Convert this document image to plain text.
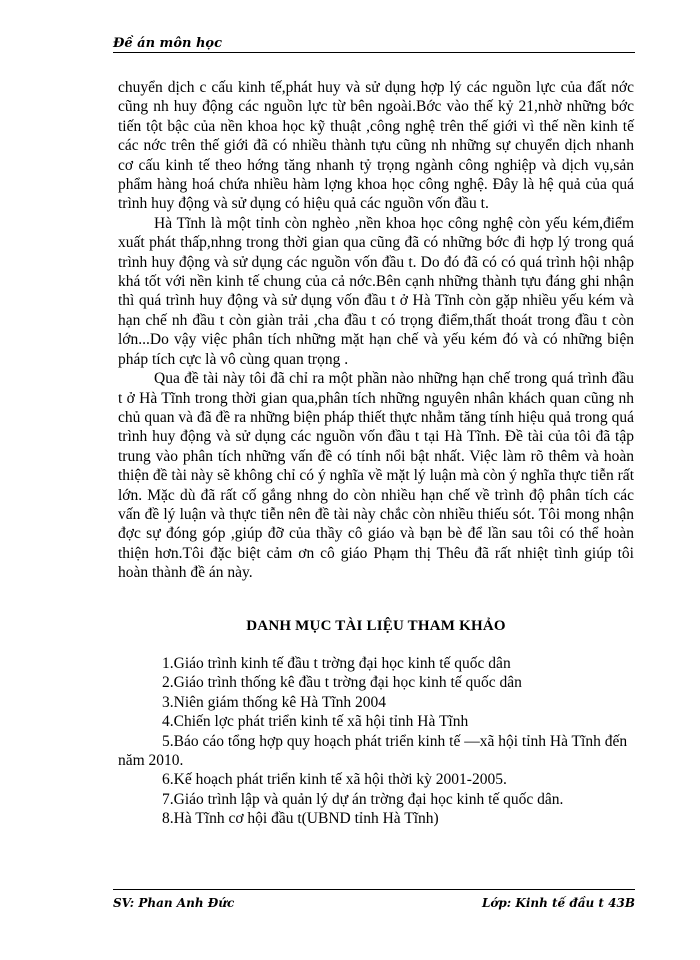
Đề án môn học

chuyển dịch c cấu kinh tế,phát huy và sử dụng hợp lý các nguồn lực của đất nớc cũng nh huy động các nguồn lực từ bên ngoài.Bớc vào thế kỷ 21,nhờ những bớc tiến tột bậc của nền khoa học kỹ thuật ,công nghệ trên thế giới vì thế nền kinh tế các nớc trên thế giới đã có nhiều thành tựu cũng nh những sự chuyển dịch nhanh cơ cấu kinh tế theo hớng tăng nhanh tỷ trọng ngành công nghiệp và dịch vụ,sản phẩm hàng hoá chứa nhiều hàm lợng khoa học công nghệ. Đây là hệ quả của quá trình huy động và sử dụng có hiệu quả các nguồn vốn đầu t.

Hà Tĩnh là một tỉnh còn nghèo ,nền khoa học công nghệ còn yếu kém,điểm xuất phát thấp,nhng trong thời gian qua cũng đã có những bớc đi hợp lý trong quá trình huy động và sử dụng các nguồn vốn đầu t. Do đó đã có có quá trình hội nhập khá tốt với nền kinh tế chung của cả nớc.Bên cạnh những thành tựu đáng ghi nhận thì quá trình huy động và sử dụng vốn đầu t ở Hà Tĩnh còn gặp nhiều yếu kém và hạn chế nh đầu t còn giàn trải ,cha đầu t có trọng điểm,thất thoát trong đầu t còn lớn...Do vậy việc phân tích những mặt hạn chế và yếu kém đó và có những biện pháp tích cực là vô cùng quan trọng .

Qua đề tài này tôi đã chỉ ra một phần nào những hạn chế trong quá trình đầu t ở Hà Tĩnh trong thời gian qua,phân tích những nguyên nhân khách quan cũng nh chủ quan và đã đề ra những biện pháp thiết thực nhằm tăng tính hiệu quả trong quá trình huy động và sử dụng các nguồn vốn đầu t tại Hà Tĩnh. Đề tài của tôi đã tập trung vào phân tích những vấn đề có tính nổi bật nhất. Việc làm rõ thêm và hoàn thiện đề tài này sẽ không chỉ có ý nghĩa về mặt lý luận mà còn ý nghĩa thực tiễn rất lớn. Mặc dù đã rất cố gắng nhng do còn nhiều hạn chế về trình độ phân tích các vấn đề lý luận và thực tiễn nên đề tài này chắc còn nhiều thiếu sót. Tôi mong nhận đợc sự đóng góp ,giúp đỡ của thầy cô giáo và bạn bè để lần sau tôi có thể hoàn thiện hơn.Tôi đặc biệt cảm ơn cô giáo Phạm thị Thêu đã rất nhiệt tình giúp tôi hoàn thành đề án này.

DANH MỤC TÀI LIỆU THAM KHẢO

1.Giáo trình kinh tế đầu t trờng đại học kinh tế quốc dân

2.Giáo trình thống kê đầu t trờng đại học kinh tế quốc dân

3.Niên giám thống kê Hà Tĩnh 2004

4.Chiến lợc phát triển kinh tế xã hội tỉnh Hà Tĩnh

5.Báo cáo tổng hợp quy hoạch phát triển kinh tế —xã hội tỉnh Hà Tĩnh đến năm 2010.

6.Kế hoạch phát triển kinh tế xã hội thời kỳ 2001-2005.

7.Giáo trình lập và quản lý dự án trờng đại học kinh tế quốc dân.

8.Hà Tĩnh cơ hội đầu t(UBND tỉnh Hà Tĩnh)

SV: Phan Anh Đức	Lớp: Kinh tế đầu t 43B
